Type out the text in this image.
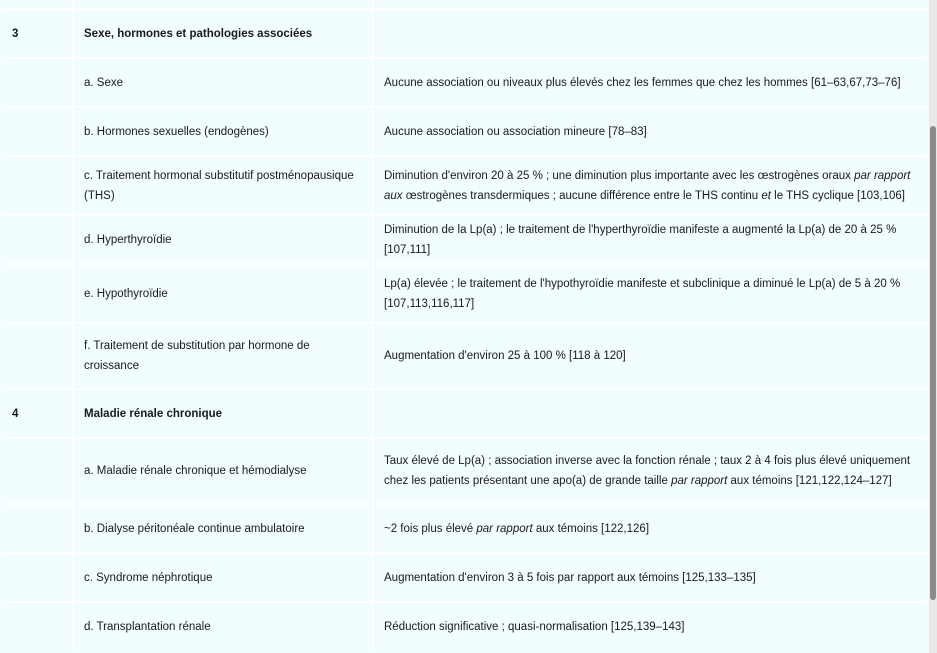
3	Sexe, hormones et pathologies associées	
	a. Sexe	Aucune association ou niveaux plus élevés chez les femmes que chez les hommes [61–63,67,73–76]
	b. Hormones sexuelles (endogènes)	Aucune association ou association mineure [78–83]
	c. Traitement hormonal substitutif postménopausique (THS)	Diminution d'environ 20 à 25 % ; une diminution plus importante avec les œstrogènes oraux par rapport aux œstrogènes transdermiques ; aucune différence entre le THS continu et le THS cyclique [103,106]
	d. Hyperthyroïdie	Diminution de la Lp(a) ; le traitement de l'hyperthyroïdie manifeste a augmenté la Lp(a) de 20 à 25 % [107,111]
	e. Hypothyroïdie	Lp(a) élevée ; le traitement de l'hypothyroïdie manifeste et subclinique a diminué le Lp(a) de 5 à 20 % [107,113,116,117]
	f. Traitement de substitution par hormone de croissance	Augmentation d'environ 25 à 100 % [118 à 120]
4	Maladie rénale chronique	
	a. Maladie rénale chronique et hémodialyse	Taux élevé de Lp(a) ; association inverse avec la fonction rénale ; taux 2 à 4 fois plus élevé uniquement chez les patients présentant une apo(a) de grande taille par rapport aux témoins [121,122,124–127]
	b. Dialyse péritonéale continue ambulatoire	~2 fois plus élevé par rapport aux témoins [122,126]
	c. Syndrome néphrotique	Augmentation d'environ 3 à 5 fois par rapport aux témoins [125,133–135]
	d. Transplantation rénale	Réduction significative ; quasi-normalisation [125,139–143]
